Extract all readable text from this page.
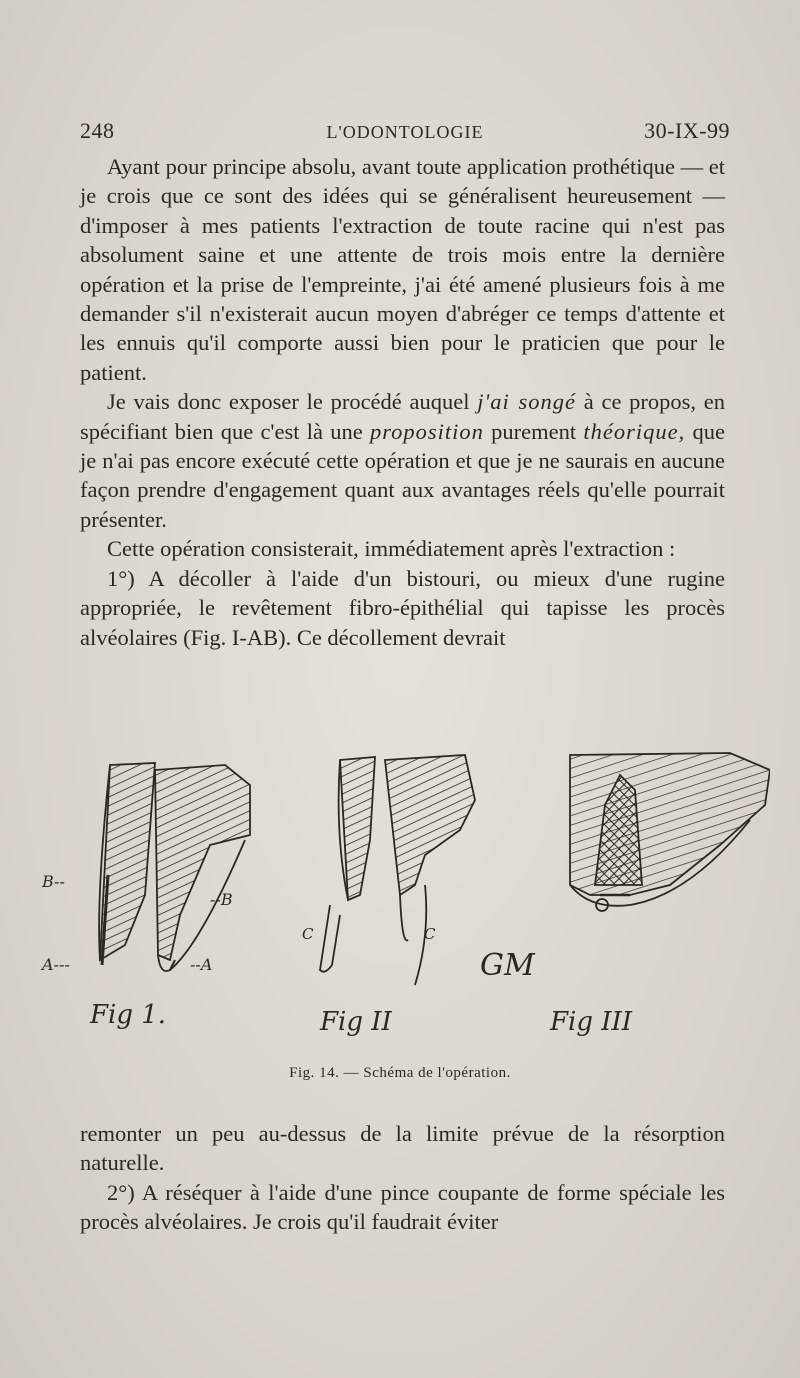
248	L'ODONTOLOGIE	30-IX-99

Ayant pour principe absolu, avant toute application prothétique — et je crois que ce sont des idées qui se généralisent heureusement — d'imposer à mes patients l'extraction de toute racine qui n'est pas absolument saine et une attente de trois mois entre la dernière opération et la prise de l'empreinte, j'ai été amené plusieurs fois à me demander s'il n'existerait aucun moyen d'abréger ce temps d'attente et les ennuis qu'il comporte aussi bien pour le praticien que pour le patient.

Je vais donc exposer le procédé auquel j'ai songé à ce propos, en spécifiant bien que c'est là une proposition purement théorique, que je n'ai pas encore exécuté cette opération et que je ne saurais en aucune façon prendre d'engagement quant aux avantages réels qu'elle pourrait présenter.

Cette opération consisterait, immédiatement après l'extraction :

1°) A décoller à l'aide d'un bistouri, ou mieux d'une rugine appropriée, le revêtement fibro-épithélial qui tapisse les procès alvéolaires (Fig. I-AB). Ce décollement devrait

B--
--B
A---	--A
Fig 1.
C	C
Fig II
GM
Fig III
Fig. 14. — Schéma de l'opération.

remonter un peu au-dessus de la limite prévue de la résorption naturelle.

2°) A réséquer à l'aide d'une pince coupante de forme spéciale les procès alvéolaires. Je crois qu'il faudrait éviter
